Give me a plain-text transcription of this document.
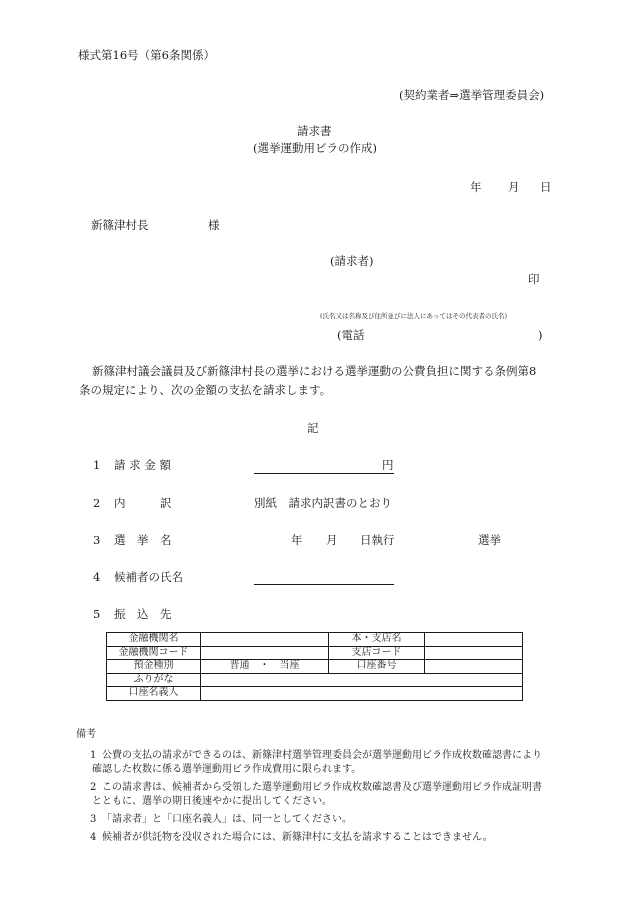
様式第16号（第6条関係）
(契約業者⇒選挙管理委員会)
請求書
(選挙運動用ビラの作成)
年 月 日
新篠津村長	様
(請求者)
印
(氏名又は名称及び住所並びに法人にあってはその代表者の氏名)
(電話	)
新篠津村議会議員及び新篠津村長の選挙における選挙運動の公費負担に関する条例第8
条の規定により、次の金額の支払を請求します。
記
1 請 求 金 額	円
2 内　　　訳	別紙　請求内訳書のとおり
3 選　挙　名	年 月 日執行	選挙
4 候補者の氏名
5 振　込　先
金融機関名		本・支店名	
金融機関コード		支店コード	
預金種別	普通　・　当座	口座番号	
ふりがな			
口座名義人			
備考
1 公費の支払の請求ができるのは、新篠津村選挙管理委員会が選挙運動用ビラ作成枚数確認書により
確認した枚数に係る選挙運動用ビラ作成費用に限られます。
2 この請求書は、候補者から受領した選挙運動用ビラ作成枚数確認書及び選挙運動用ビラ作成証明書
とともに、選挙の期日後速やかに提出してください。
3 「請求者」と「口座名義人」は、同一としてください。
4 候補者が供託物を没収された場合には、新篠津村に支払を請求することはできません。
